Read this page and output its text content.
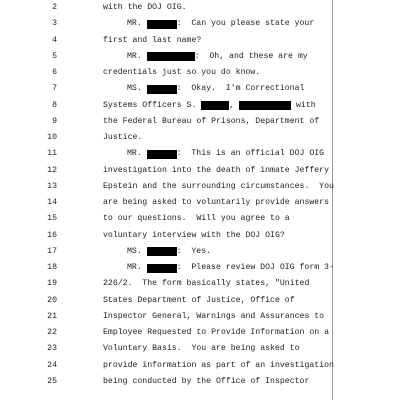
2	with the DOJ OIG.
3	MR.	:  Can you please state your
4	first and last name?
5	MR.	:  Oh, and these are my
6	credentials just so you do know.
7	MS.	:  Okay.  I'm Correctional
8	Systems Officers S.	,	with
9	the Federal Bureau of Prisons, Department of
10	Justice.
11	MR.	:  This is an official DOJ OIG
12	investigation into the death of inmate Jeffery
13	Epstein and the surrounding circumstances.  You
14	are being asked to voluntarily provide answers
15	to our questions.  Will you agree to a
16	voluntary interview with the DOJ OIG?
17	MS.	:  Yes.
18	MR.	:  Please review DOJ OIG form 3-
19	226/2.  The form basically states, "United
20	States Department of Justice, Office of
21	Inspector General, Warnings and Assurances to
22	Employee Requested to Provide Information on a
23	Voluntary Basis.  You are being asked to
24	provide information as part of an investigation
25	being conducted by the Office of Inspector
